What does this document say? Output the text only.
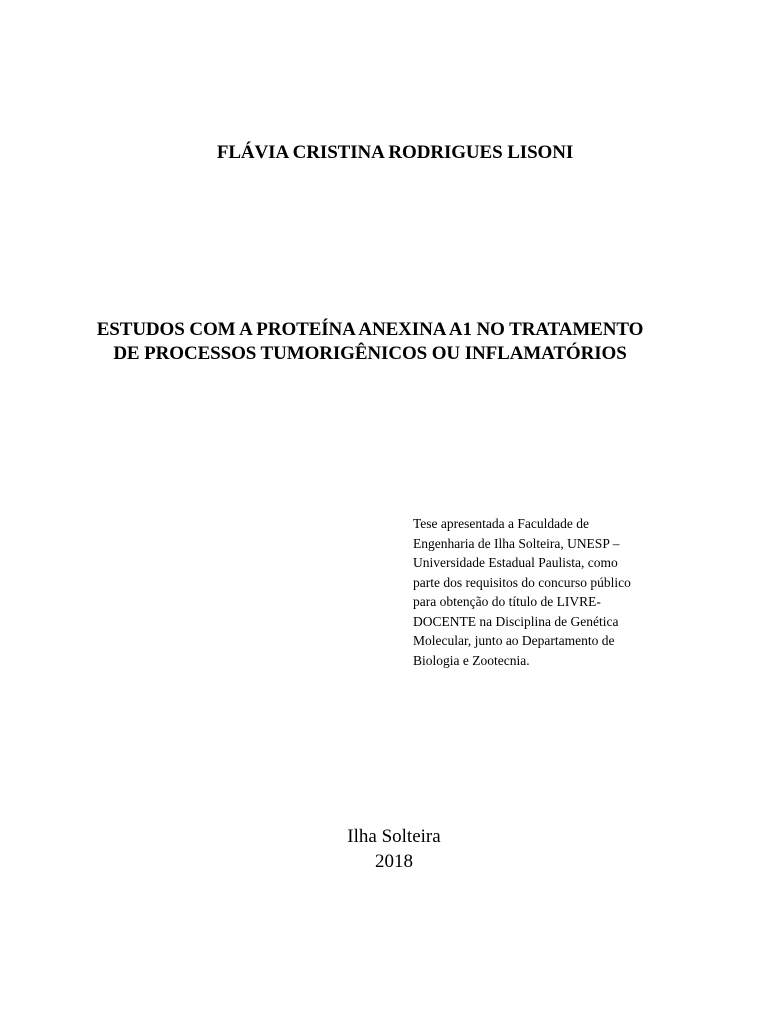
FLÁVIA CRISTINA RODRIGUES LISONI
ESTUDOS COM A PROTEÍNA ANEXINA A1 NO TRATAMENTO
DE PROCESSOS TUMORIGÊNICOS OU INFLAMATÓRIOS
Tese apresentada a Faculdade de
Engenharia de Ilha Solteira, UNESP –
Universidade Estadual Paulista, como
parte dos requisitos do concurso público
para obtenção do título de LIVRE-
DOCENTE na Disciplina de Genética
Molecular, junto ao Departamento de
Biologia e Zootecnia.
Ilha Solteira
2018
